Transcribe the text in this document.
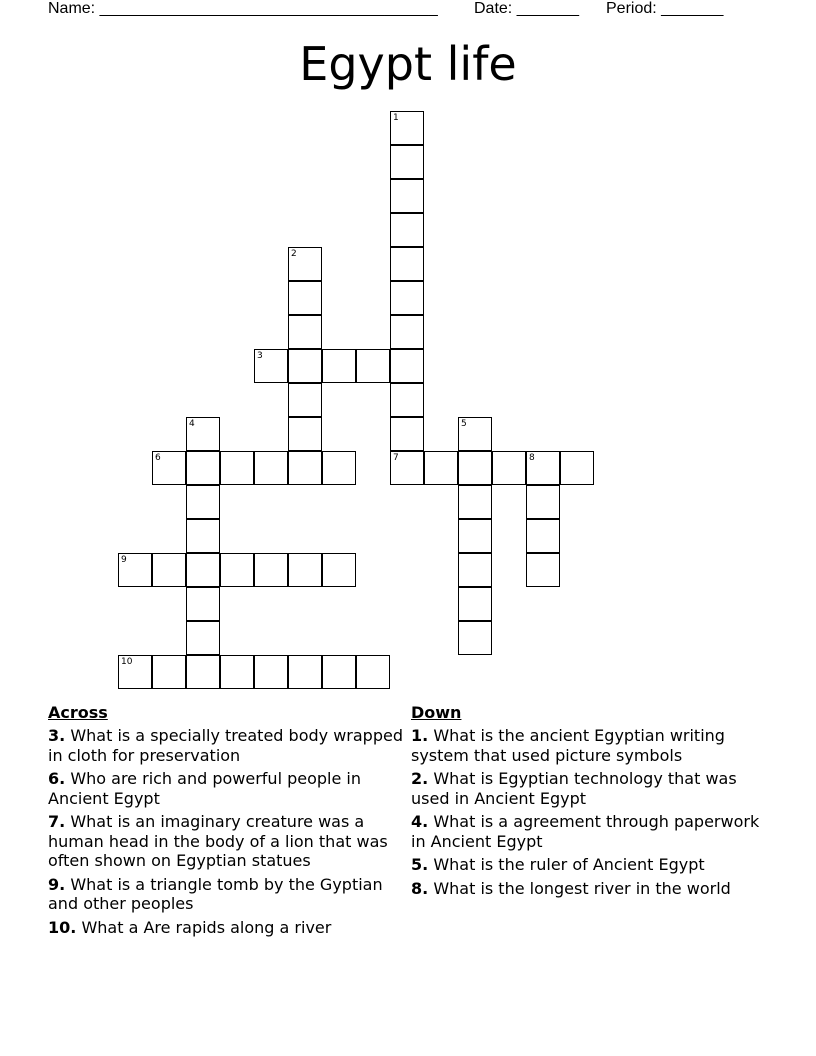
Name: ______________________________________ Date: _______ Period: _______
Egypt life
1
2
3
4	5
6	7	8
9
10
Across
3. What is a specially treated body wrapped in cloth for preservation
6. Who are rich and powerful people in Ancient Egypt
7. What is an imaginary creature was a human head in the body of a lion that was often shown on Egyptian statues
9. What is a triangle tomb by the Gyptian and other peoples
10. What a Are rapids along a river
Down
1. What is the ancient Egyptian writing system that used picture symbols
2. What is Egyptian technology that was used in Ancient Egypt
4. What is a agreement through paperwork in Ancient Egypt
5. What is the ruler of Ancient Egypt
8. What is the longest river in the world
